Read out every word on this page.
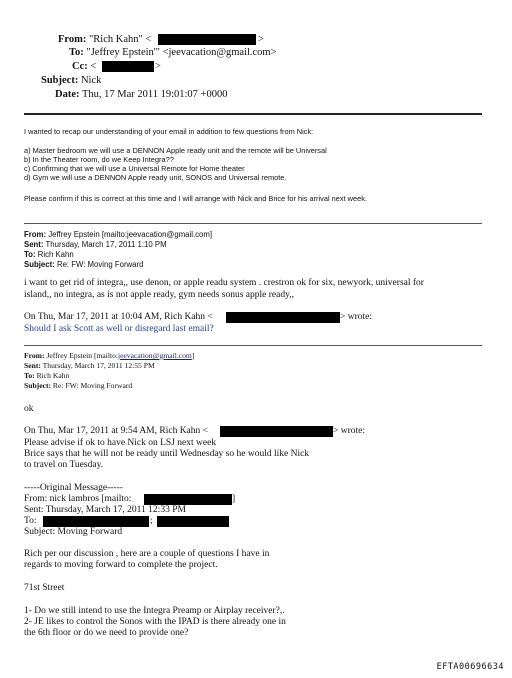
From: "Rich Kahn" <	>
To: "Jeffrey Epstein'" <jeevacation@gmail.com>
Cc: <	>
Subject: Nick
Date: Thu, 17 Mar 2011 19:01:07 +0000
I wanted to recap our understanding of your email in addition to few questions from Nick:
a) Master bedroom we will use a DENNON Apple ready unit and the remote will be Universal
b) In the Theater room, do we Keep Integra??
c) Confirming that we will use a Universal Remote for Home theater
d) Gym we will use a DENNON Apple ready unit, SONOS and Universal remote.
Please confirm if this is correct at this time and I will arrange with Nick and Brice for his arrival next week.
From: Jeffrey Epstein [mailto:jeevacation@gmail.com]
Sent: Thursday, March 17, 2011 1:10 PM
To: Rich Kahn
Subject: Re: FW: Moving Forward
i want to get rid of integra,, use denon, or apple readu system . crestron ok for six, newyork, universal for
island,, no integra, as is not apple ready, gym needs sonus apple ready,,
On Thu, Mar 17, 2011 at 10:04 AM, Rich Kahn <	> wrote:
Should I ask Scott as well or disregard last email?
From: Jeffrey Epstein [mailto:jeevacation@gmail.com]
Sent: Thursday, March 17, 2011 12:55 PM
To: Rich Kahn
Subject: Re: FW: Moving Forward
ok
On Thu, Mar 17, 2011 at 9:54 AM, Rich Kahn <	> wrote:
Please advise if ok to have Nick on LSJ next week
Brice says that he will not be ready until Wednesday so he would like Nick
to travel on Tuesday.
-----Original Message-----
From: nick lambros [mailto:	]
Sent: Thursday, March 17, 2011 12:33 PM
To:	;
Subject: Moving Forward
Rich per our discussion , here are a couple of questions I have in
regards to moving forward to complete the project.
71st Street
1- Do we still intend to use the Integra Preamp or Airplay receiver?,.
2- JE likes to control the Sonos with the IPAD is there already one in
the 6th floor or do we need to provide one?
EFTA00696634
